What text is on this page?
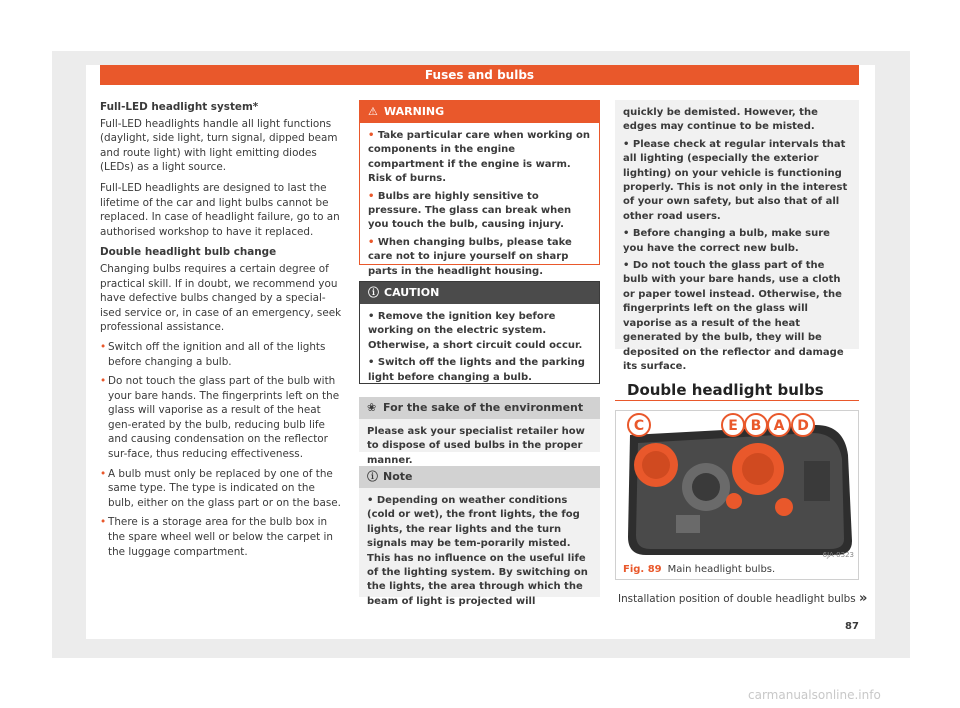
Fuses and bulbs

Full-LED headlight system*

Full-LED headlights handle all light functions (daylight, side light, turn signal, dipped beam and route light) with light emitting diodes (LEDs) as a light source.

Full-LED headlights are designed to last the lifetime of the car and light bulbs cannot be replaced. In case of headlight failure, go to an authorised workshop to have it replaced.

Double headlight bulb change

Changing bulbs requires a certain degree of practical skill. If in doubt, we recommend you have defective bulbs changed by a special-ised service or, in case of an emergency, seek professional assistance.

• Switch off the ignition and all of the lights before changing a bulb.
• Do not touch the glass part of the bulb with your bare hands. The fingerprints left on the glass will vaporise as a result of the heat gen-erated by the bulb, reducing bulb life and causing condensation on the reflector sur-face, thus reducing effectiveness.
• A bulb must only be replaced by one of the same type. The type is indicated on the bulb, either on the glass part or on the base.
• There is a storage area for the bulb box in the spare wheel well or below the carpet in the luggage compartment.
⚠ WARNING
• Take particular care when working on components in the engine compartment if the engine is warm. Risk of burns.
• Bulbs are highly sensitive to pressure. The glass can break when you touch the bulb, causing injury.
• When changing bulbs, please take care not to injure yourself on sharp parts in the headlight housing.
ⓘ CAUTION
• Remove the ignition key before working on the electric system. Otherwise, a short circuit could occur.
• Switch off the lights and the parking light before changing a bulb.
❀ For the sake of the environment
Please ask your specialist retailer how to dispose of used bulbs in the proper manner.
ⓘ Note
• Depending on weather conditions (cold or wet), the front lights, the fog lights, the rear lights and the turn signals may be tem-porarily misted. This has no influence on the useful life of the lighting system. By switching on the lights, the area through which the beam of light is projected will
quickly be demisted. However, the edges may continue to be misted.
• Please check at regular intervals that all lighting (especially the exterior lighting) on your vehicle is functioning properly. This is not only in the interest of your own safety, but also that of all other road users.
• Before changing a bulb, make sure you have the correct new bulb.
• Do not touch the glass part of the bulb with your bare hands, use a cloth or paper towel instead. Otherwise, the fingerprints left on the glass will vaporise as a result of the heat generated by the bulb, they will be deposited on the reflector and damage its surface.
Double headlight bulbs
C	E B A D
6JA-0323
Fig. 89 Main headlight bulbs.
Installation position of double headlight bulbs »
87
carmanualsonline.info
